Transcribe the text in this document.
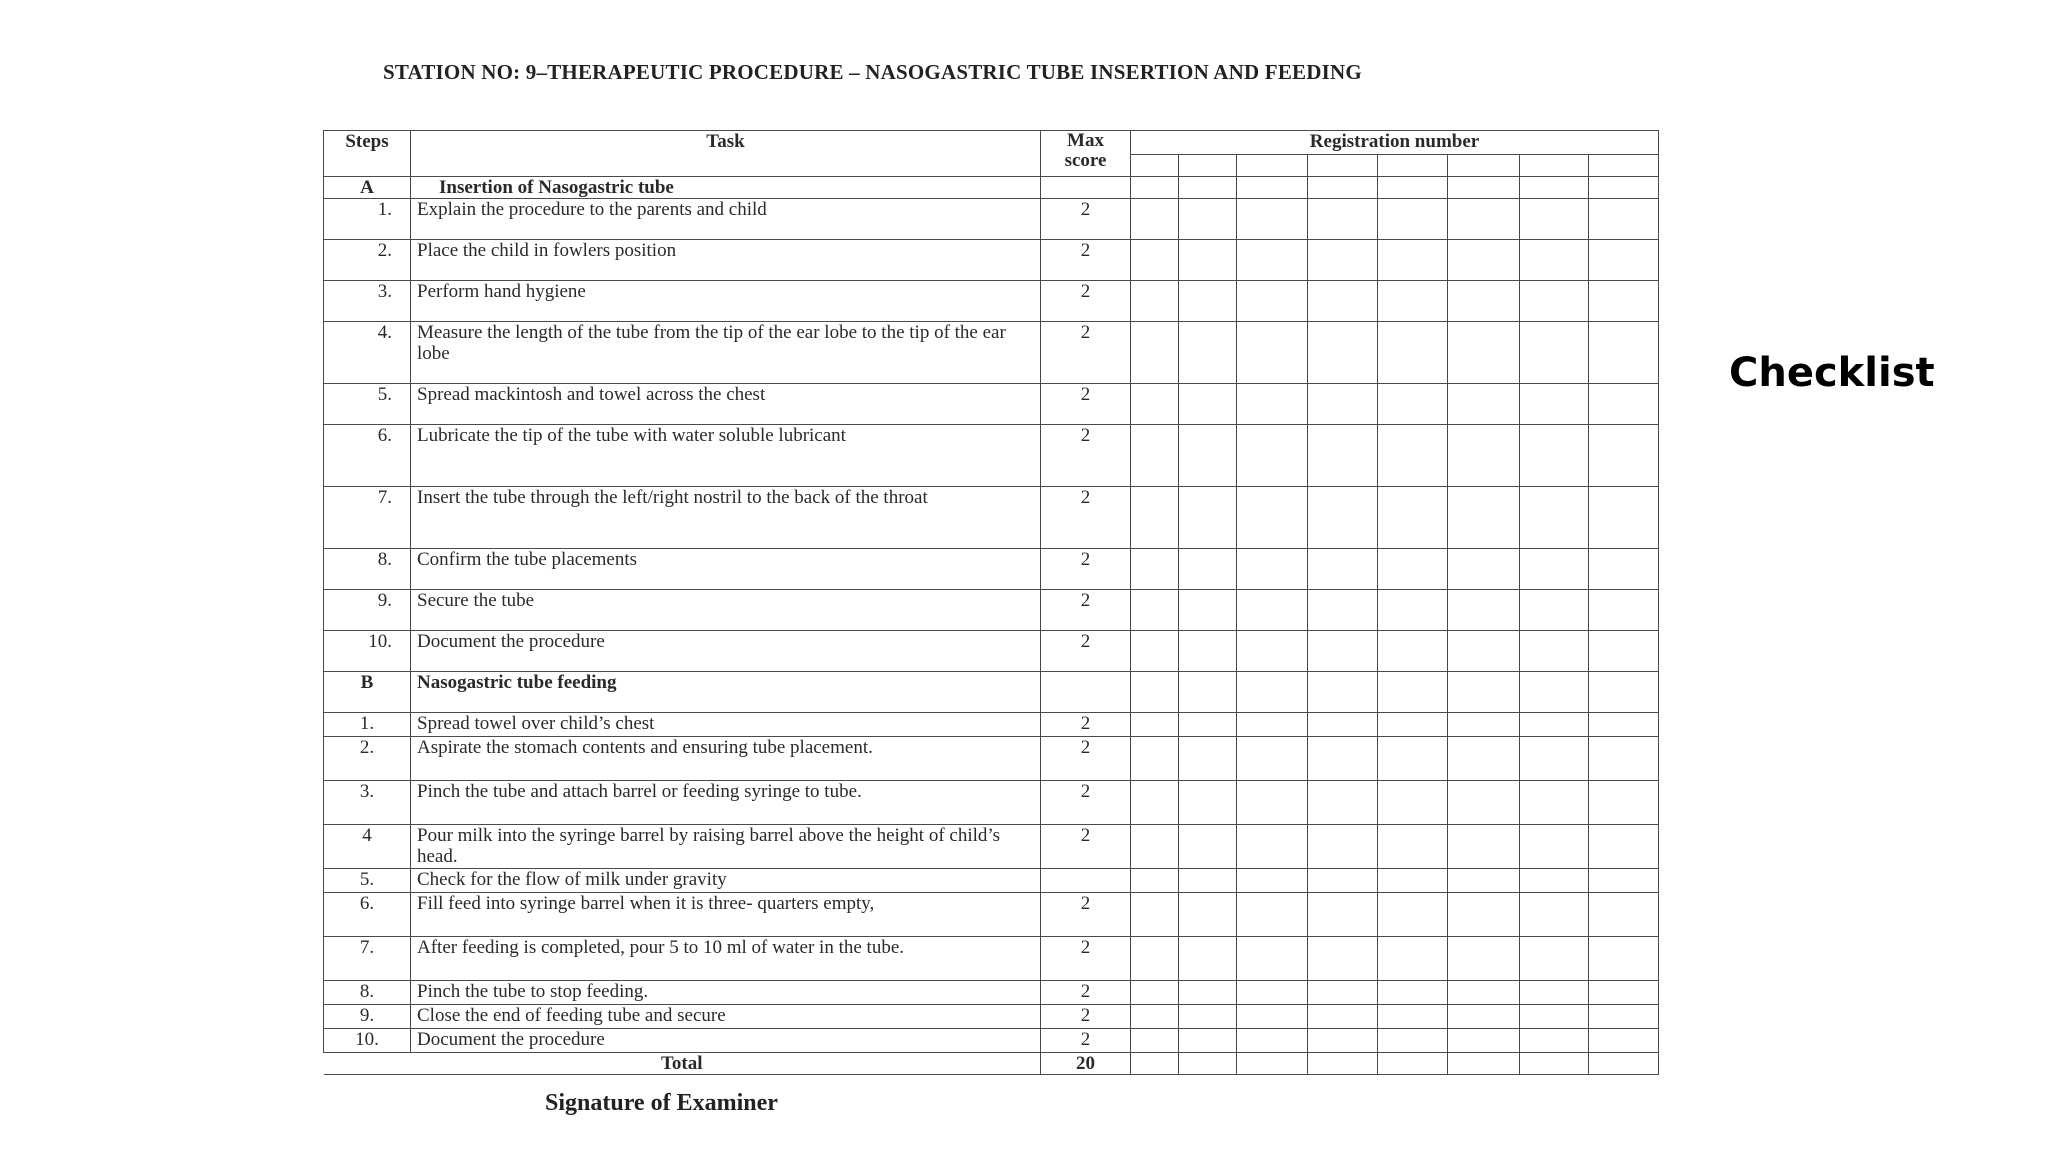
STATION NO: 9–THERAPEUTIC PROCEDURE – NASOGASTRIC TUBE INSERTION AND FEEDING
Checklist
Steps	Task	Max score	Registration number							

A	Insertion of Nasogastric tube									
1.	Explain the procedure to the parents and child	2								
2.	Place the child in fowlers position	2								
3.	Perform hand hygiene	2								
4.	Measure the length of the tube from the tip of the ear lobe to the tip of the ear lobe	2								
5.	Spread mackintosh and towel across the chest	2								
6.	Lubricate the tip of the tube with water soluble lubricant	2								
7.	Insert the tube through the left/right nostril to the back of the throat	2								
8.	Confirm the tube placements	2								
9.	Secure the tube	2								
10.	Document the procedure	2								
B	Nasogastric tube feeding									
1.	Spread towel over child’s chest	2								
2.	Aspirate the stomach contents and ensuring tube placement.	2								
3.	Pinch the tube and attach barrel or feeding syringe to tube.	2								
4	Pour milk into the syringe barrel by raising barrel above the height of child’s head.	2								
5.	Check for the flow of milk under gravity									
6.	Fill feed into syringe barrel when it is three- quarters empty,	2								
7.	After feeding is completed, pour 5 to 10 ml of water in the tube.	2								
8.	Pinch the tube to stop feeding.	2								
9.	Close the end of feeding tube and secure	2								
10.	Document the procedure	2								
Total		20								
Signature of Examiner
